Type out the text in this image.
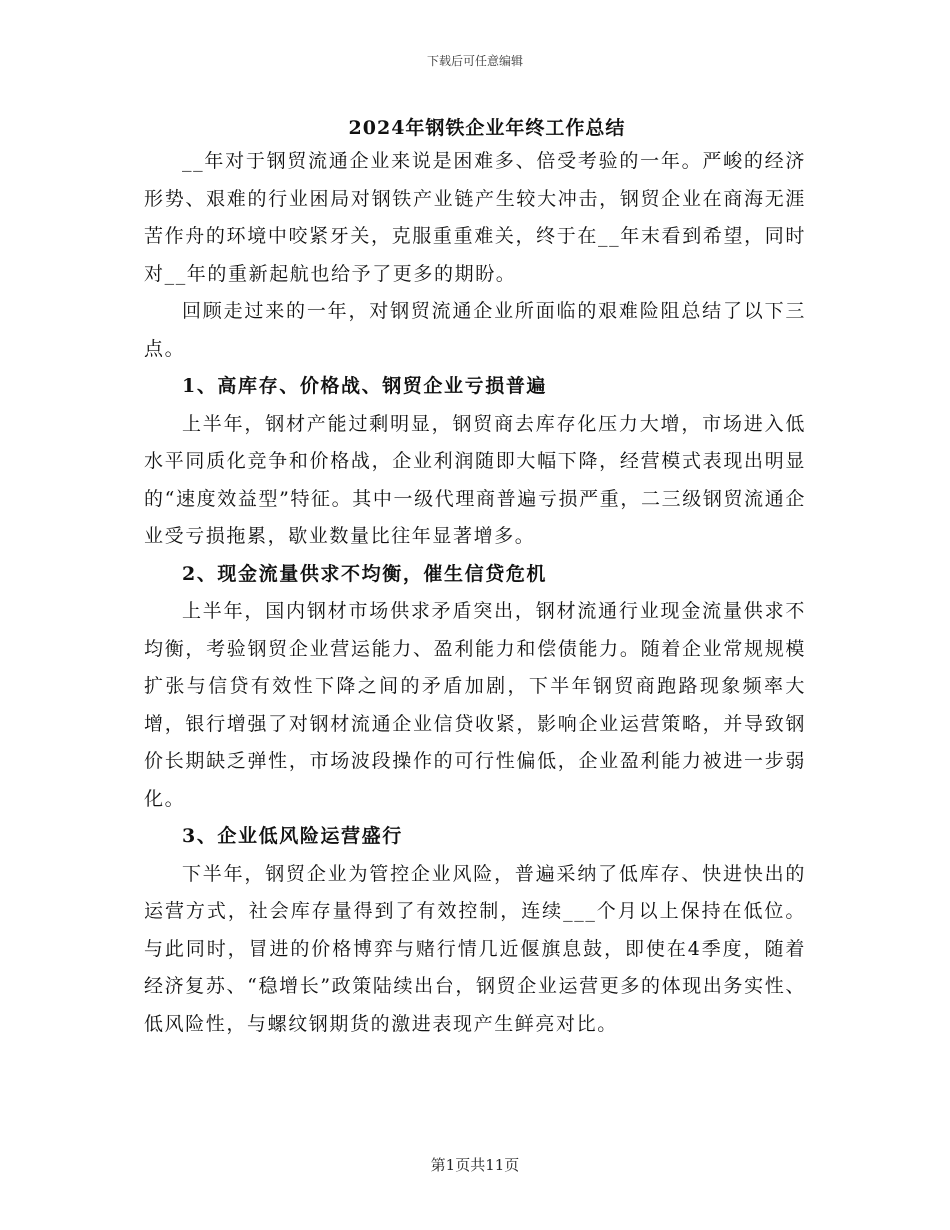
下载后可任意编辑
2024年钢铁企业年终工作总结

__年对于钢贸流通企业来说是困难多、倍受考验的一年。严峻的经济形势、艰难的行业困局对钢铁产业链产生较大冲击，钢贸企业在商海无涯苦作舟的环境中咬紧牙关，克服重重难关，终于在__年末看到希望，同时对__年的重新起航也给予了更多的期盼。

回顾走过来的一年，对钢贸流通企业所面临的艰难险阻总结了以下三点。

1、高库存、价格战、钢贸企业亏损普遍

上半年，钢材产能过剩明显，钢贸商去库存化压力大增，市场进入低水平同质化竞争和价格战，企业利润随即大幅下降，经营模式表现出明显的“速度效益型”特征。其中一级代理商普遍亏损严重，二三级钢贸流通企业受亏损拖累，歇业数量比往年显著增多。

2、现金流量供求不均衡，催生信贷危机

上半年，国内钢材市场供求矛盾突出，钢材流通行业现金流量供求不均衡，考验钢贸企业营运能力、盈利能力和偿债能力。随着企业常规规模扩张与信贷有效性下降之间的矛盾加剧，下半年钢贸商跑路现象频率大增，银行增强了对钢材流通企业信贷收紧，影响企业运营策略，并导致钢价长期缺乏弹性，市场波段操作的可行性偏低，企业盈利能力被进一步弱化。

3、企业低风险运营盛行

下半年，钢贸企业为管控企业风险，普遍采纳了低库存、快进快出的运营方式，社会库存量得到了有效控制，连续___个月以上保持在低位。与此同时，冒进的价格博弈与赌行情几近偃旗息鼓，即使在4季度，随着经济复苏、“稳增长”政策陆续出台，钢贸企业运营更多的体现出务实性、低风险性，与螺纹钢期货的激进表现产生鲜亮对比。

第1页共11页
